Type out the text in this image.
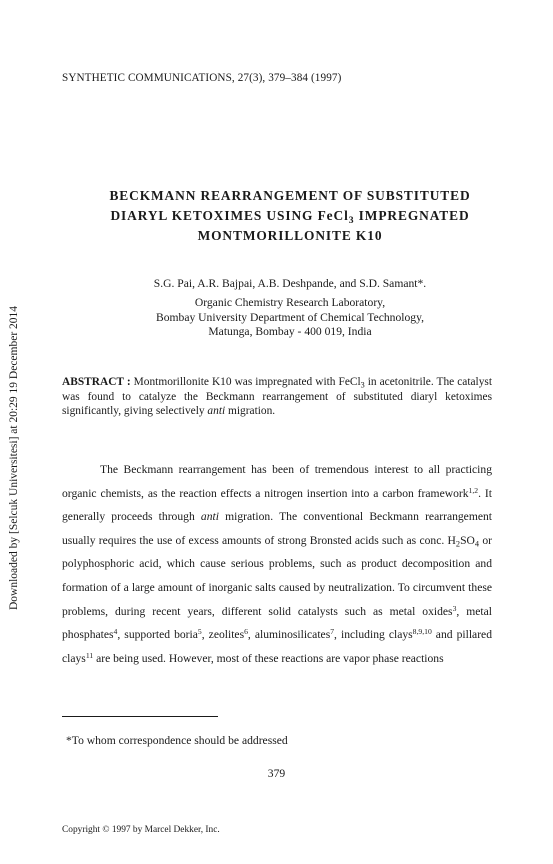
SYNTHETIC COMMUNICATIONS, 27(3), 379–384 (1997)
Downloaded by [Selcuk Universitesi] at 20:29 19 December 2014
BECKMANN REARRANGEMENT OF SUBSTITUTED
DIARYL KETOXIMES USING FeCl$_3$ IMPREGNATED
MONTMORILLONITE K10
S.G. Pai, A.R. Bajpai, A.B. Deshpande, and S.D. Samant*.
Organic Chemistry Research Laboratory,
Bombay University Department of Chemical Technology,
Matunga, Bombay - 400 019, India
ABSTRACT : Montmorillonite K10 was impregnated with FeCl$_3$ in acetonitrile. The catalyst was found to catalyze the Beckmann rearrangement of substituted diaryl ketoximes significantly, giving selectively anti migration.

The Beckmann rearrangement has been of tremendous interest to all practicing organic chemists, as the reaction effects a nitrogen insertion into a carbon framework$^{1,2}$. It generally proceeds through anti migration. The conventional Beckmann rearrangement usually requires the use of excess amounts of strong Bronsted acids such as conc. $H_2SO_4$ or polyphosphoric acid, which cause serious problems, such as product decomposition and formation of a large amount of inorganic salts caused by neutralization. To circumvent these problems, during recent years, different solid catalysts such as metal oxides$^3$, metal phosphates$^4$, supported boria$^5$, zeolites$^6$, aluminosilicates$^7$, including clays$^{8,9,10}$ and pillared clays$^{11}$ are being used. However, most of these reactions are vapor phase reactions

*To whom correspondence should be addressed
379
Copyright © 1997 by Marcel Dekker, Inc.
